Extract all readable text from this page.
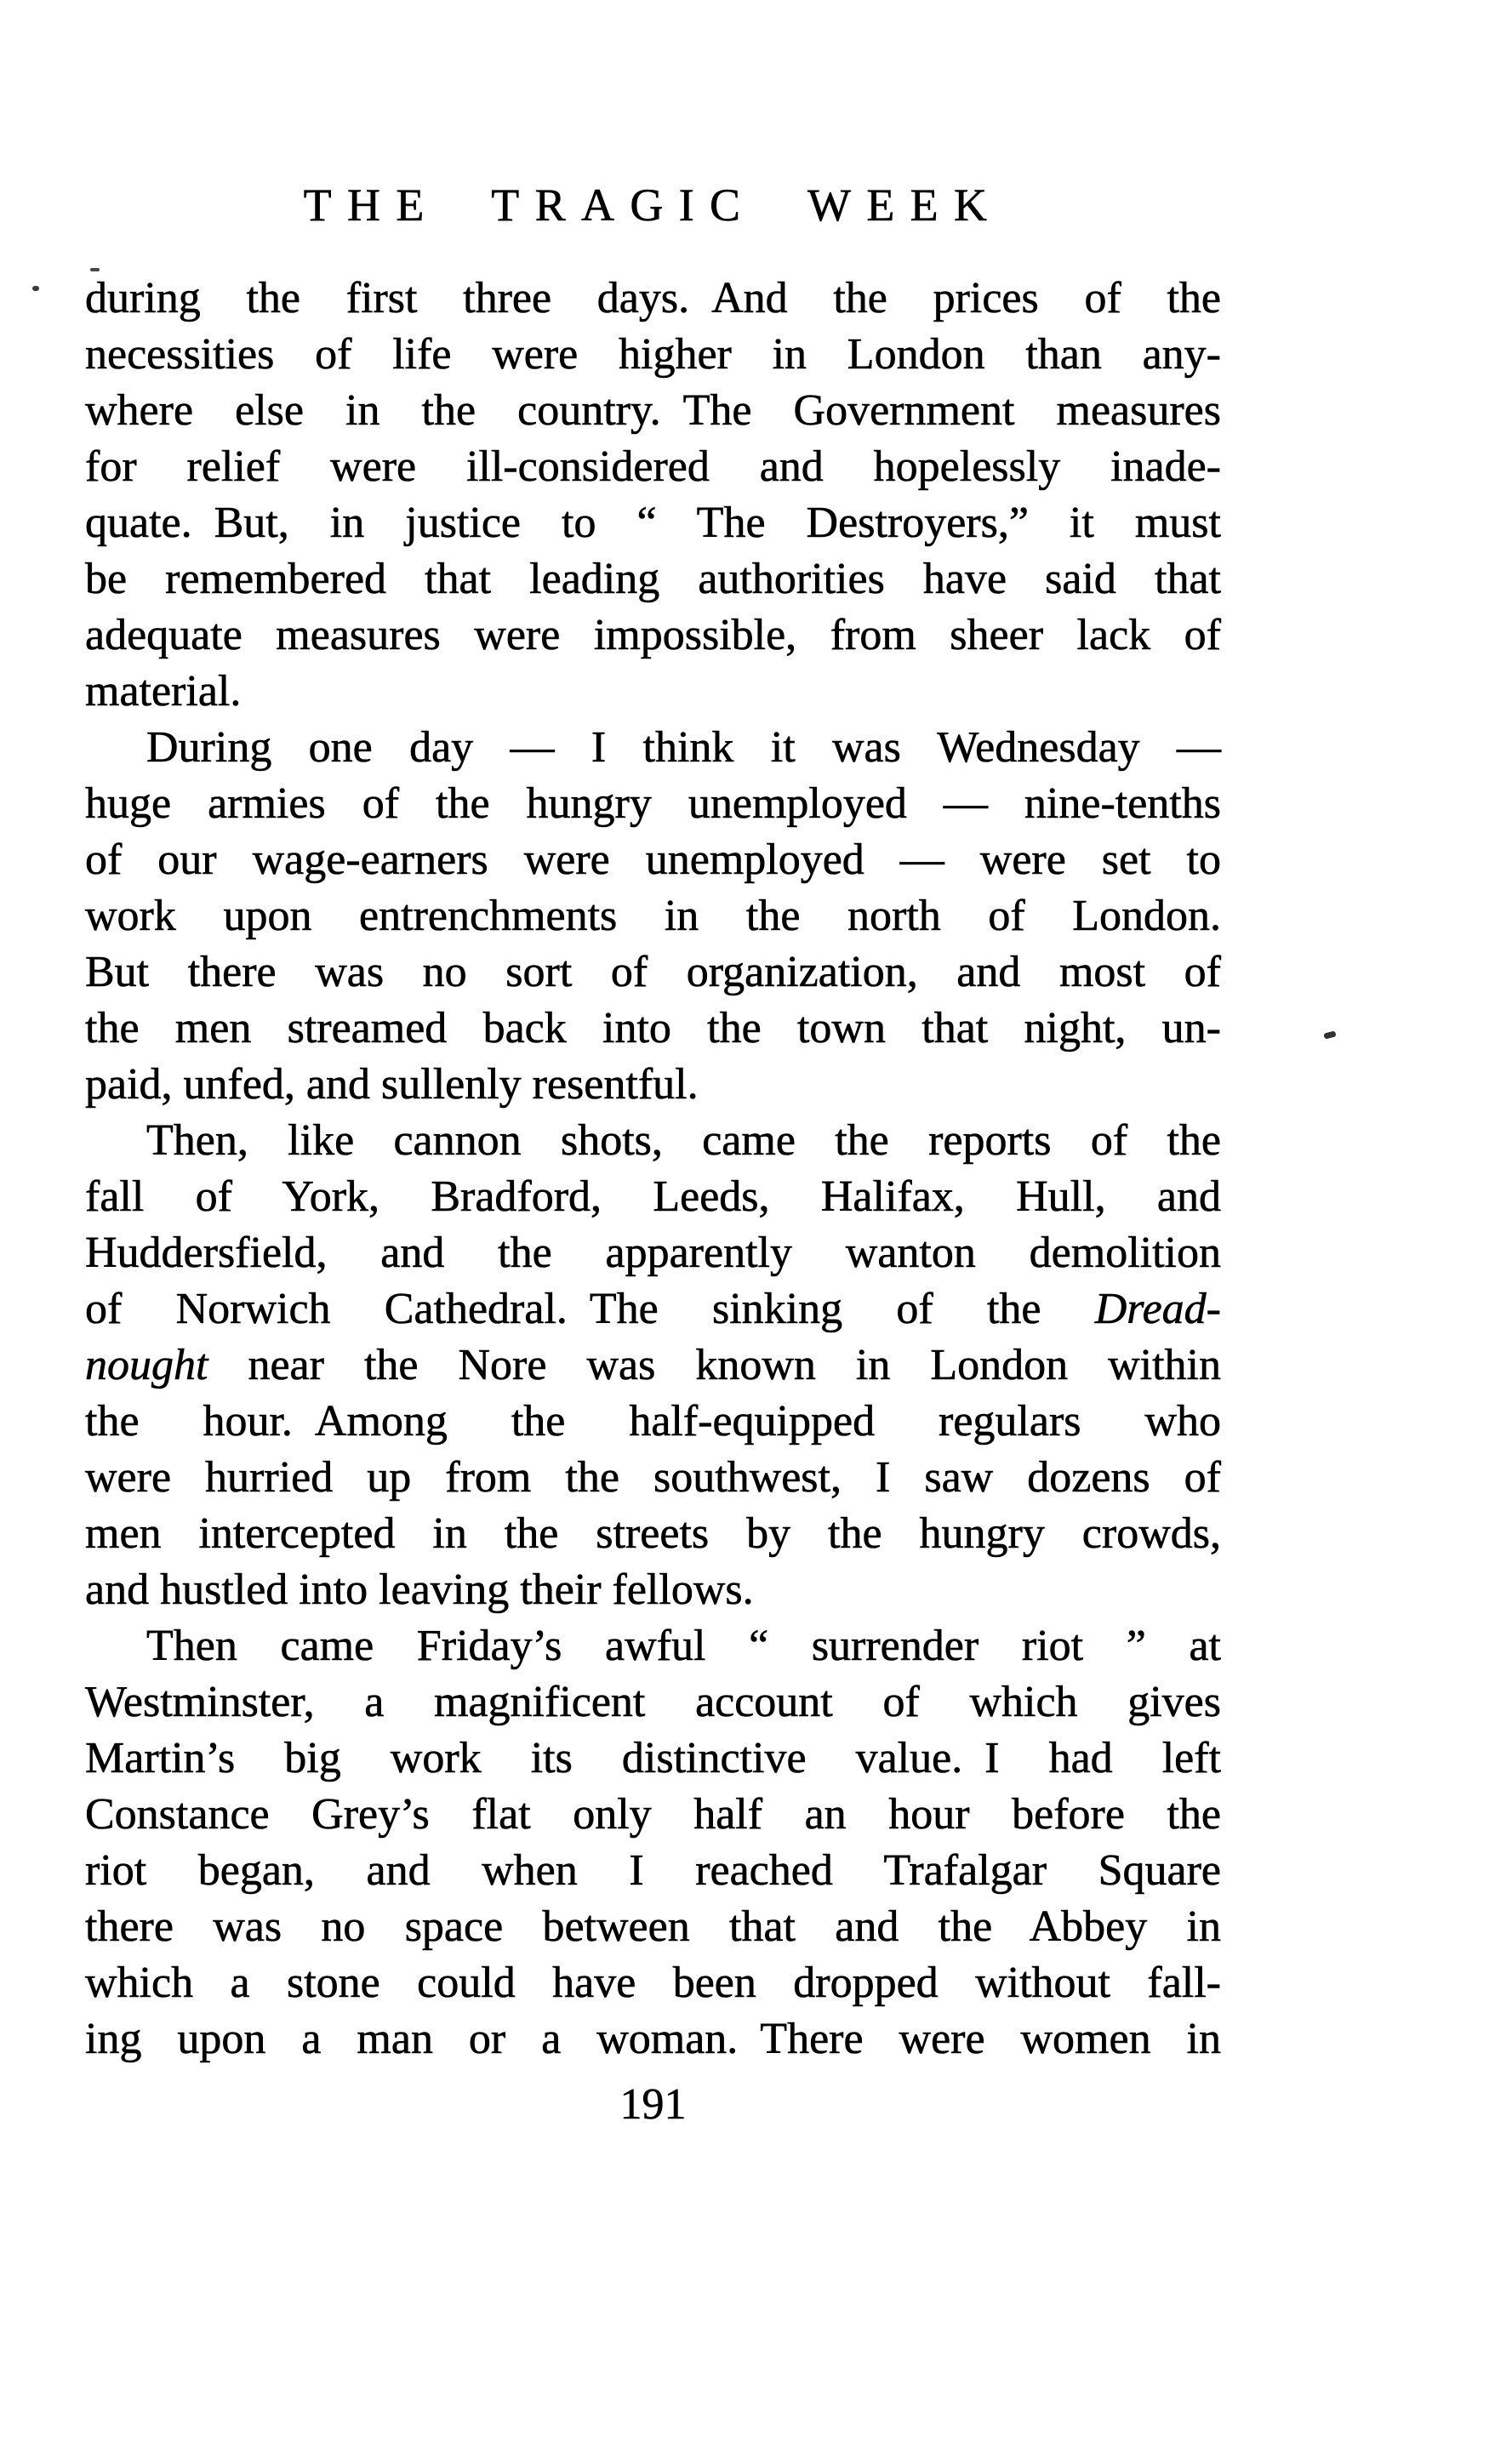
THE TRAGIC WEEK
during the first three days. And the prices of the
necessities of life were higher in London than any-
where else in the country. The Government measures
for relief were ill-considered and hopelessly inade-
quate. But, in justice to “ The Destroyers,” it must
be remembered that leading authorities have said that
adequate measures were impossible, from sheer lack of
material.
During one day — I think it was Wednesday —
huge armies of the hungry unemployed — nine-tenths
of our wage-earners were unemployed — were set to
work upon entrenchments in the north of London.
But there was no sort of organization, and most of
the men streamed back into the town that night, un-
paid, unfed, and sullenly resentful.
Then, like cannon shots, came the reports of the
fall of York, Bradford, Leeds, Halifax, Hull, and
Huddersfield, and the apparently wanton demolition
of Norwich Cathedral. The sinking of the Dread-
nought near the Nore was known in London within
the hour. Among the half-equipped regulars who
were hurried up from the southwest, I saw dozens of
men intercepted in the streets by the hungry crowds,
and hustled into leaving their fellows.
Then came Friday’s awful “ surrender riot ” at
Westminster, a magnificent account of which gives
Martin’s big work its distinctive value. I had left
Constance Grey’s flat only half an hour before the
riot began, and when I reached Trafalgar Square
there was no space between that and the Abbey in
which a stone could have been dropped without fall-
ing upon a man or a woman. There were women in
191
